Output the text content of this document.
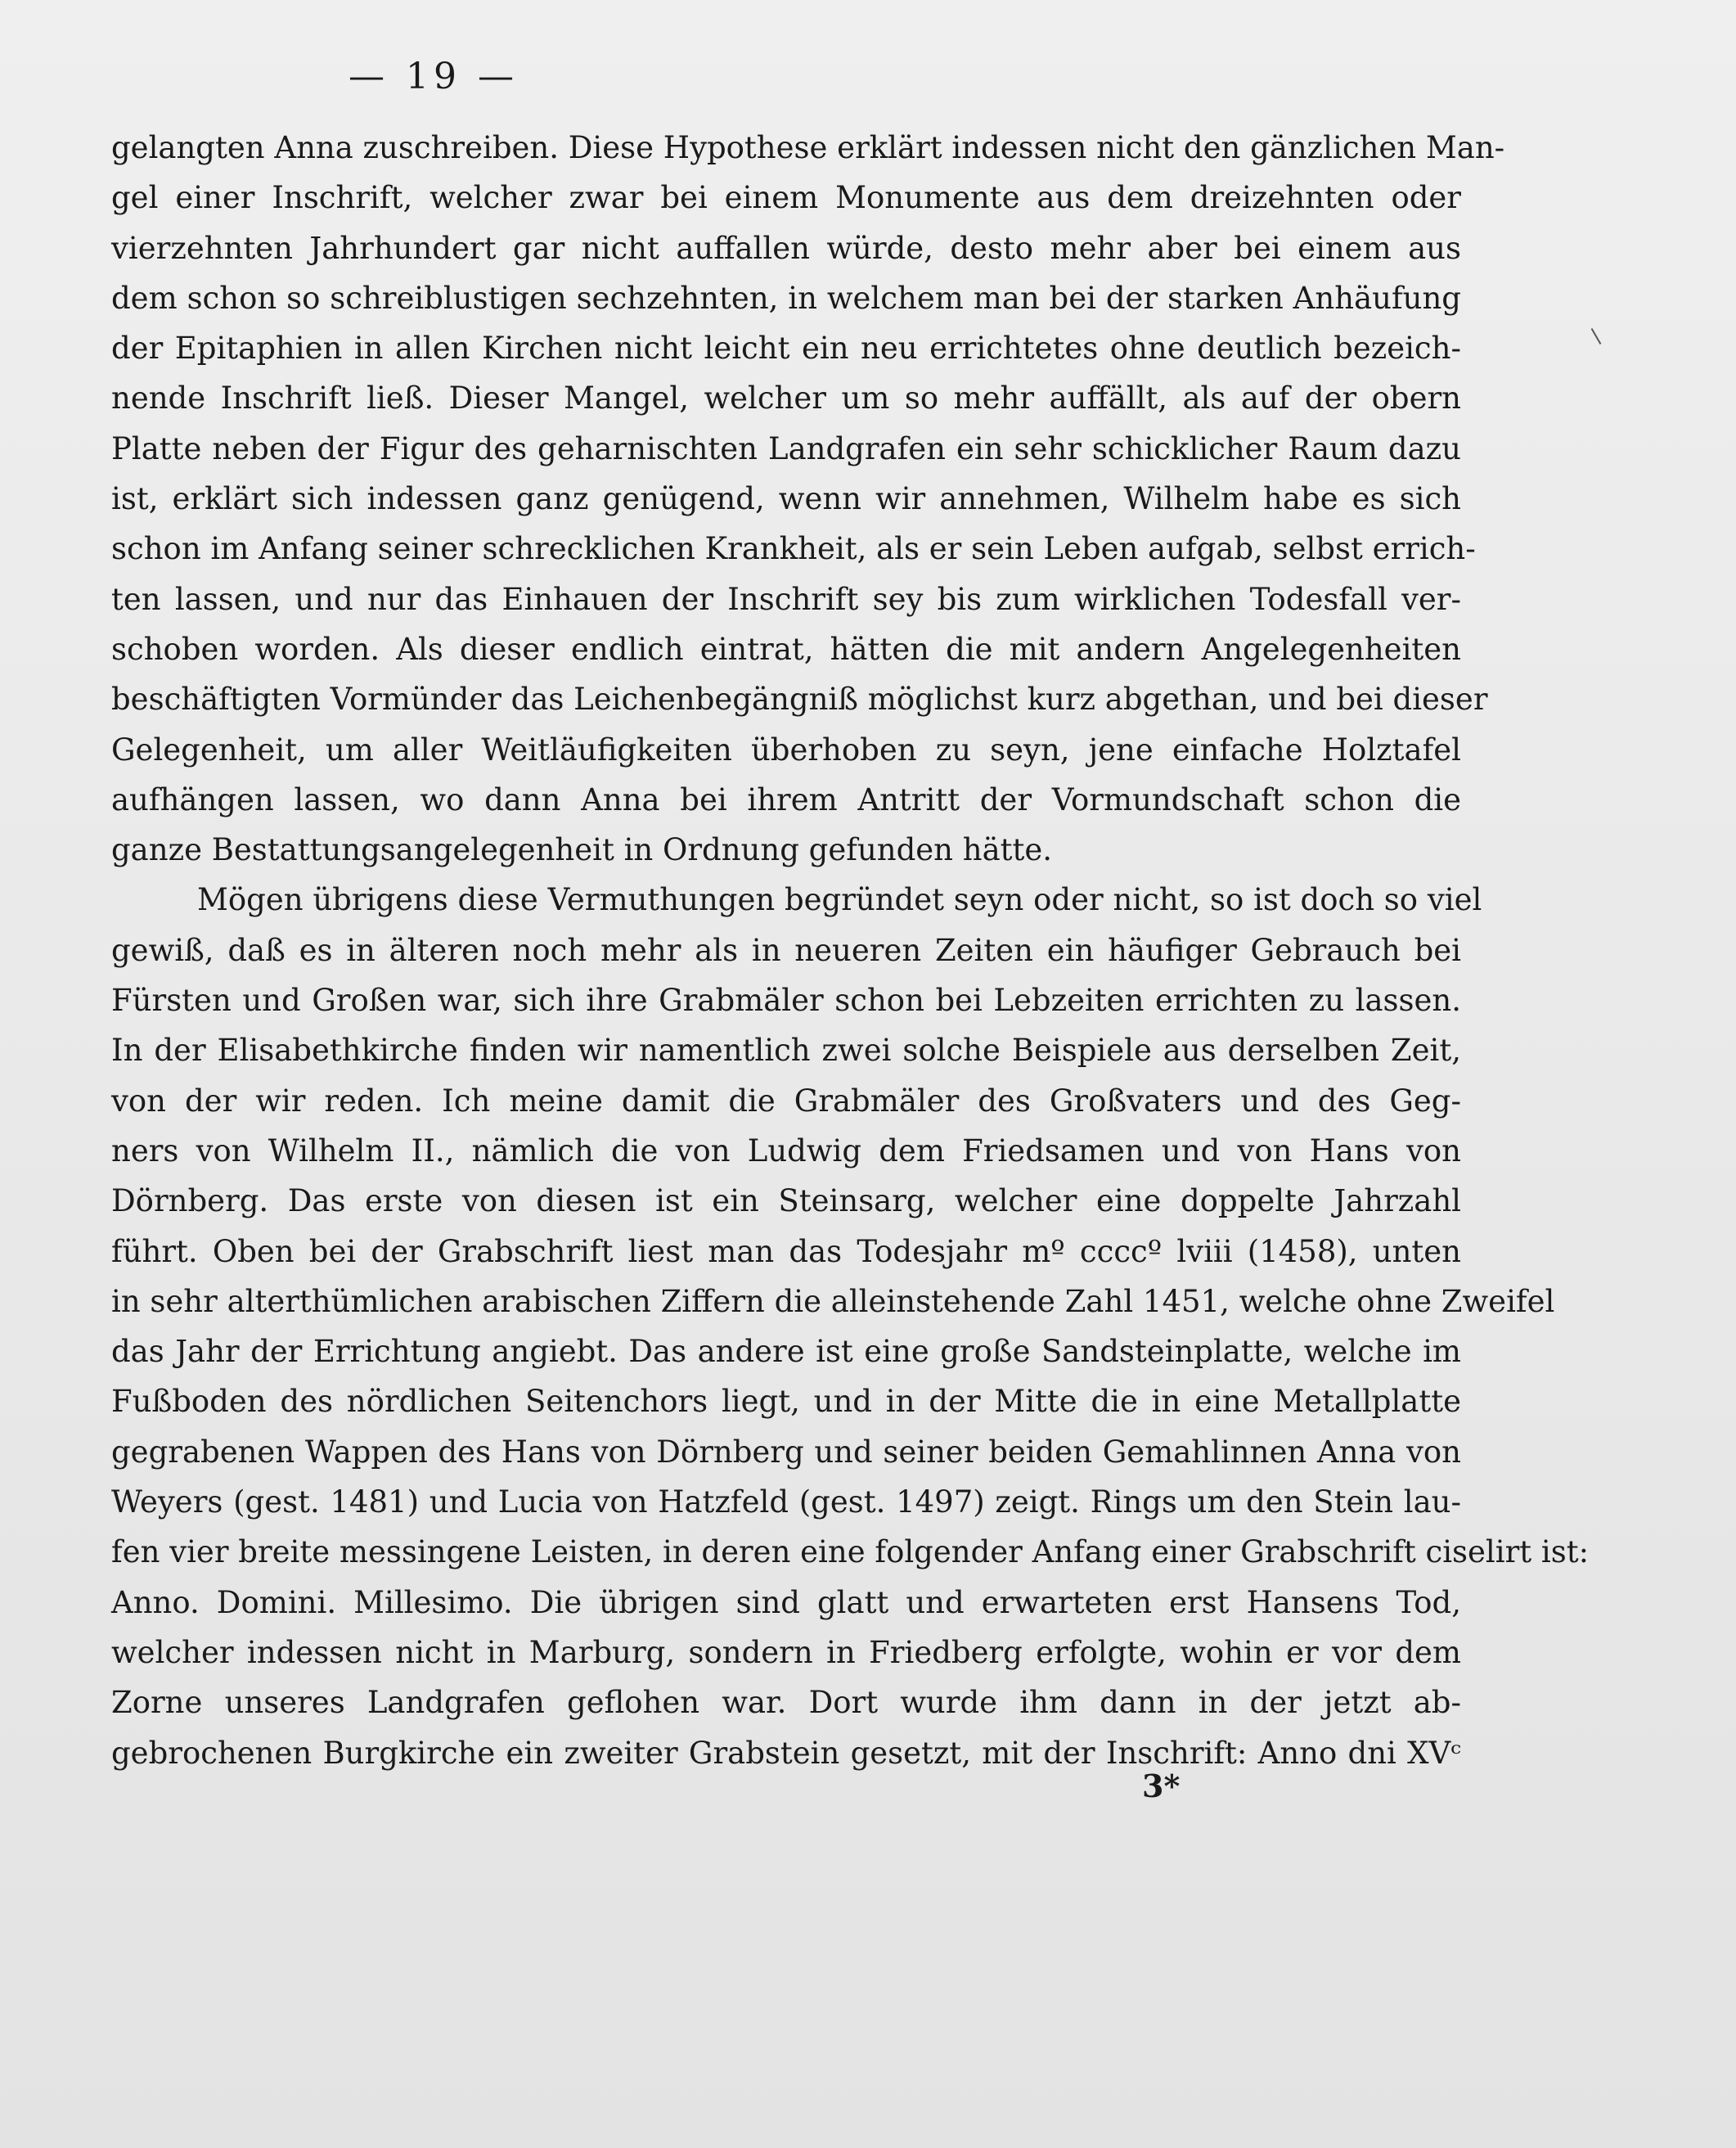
— 19 —
gelangten Anna zuschreiben. Diese Hypothese erklärt indessen nicht den gänzlichen Man-
gel einer Inschrift, welcher zwar bei einem Monumente aus dem dreizehnten oder
vierzehnten Jahrhundert gar nicht auffallen würde, desto mehr aber bei einem aus
dem schon so schreiblustigen sechzehnten, in welchem man bei der starken Anhäufung
der Epitaphien in allen Kirchen nicht leicht ein neu errichtetes ohne deutlich bezeich-
nende Inschrift ließ. Dieser Mangel, welcher um so mehr auffällt, als auf der obern
Platte neben der Figur des geharnischten Landgrafen ein sehr schicklicher Raum dazu
ist, erklärt sich indessen ganz genügend, wenn wir annehmen, Wilhelm habe es sich
schon im Anfang seiner schrecklichen Krankheit, als er sein Leben aufgab, selbst errich-
ten lassen, und nur das Einhauen der Inschrift sey bis zum wirklichen Todesfall ver-
schoben worden. Als dieser endlich eintrat, hätten die mit andern Angelegenheiten
beschäftigten Vormünder das Leichenbegängniß möglichst kurz abgethan, und bei dieser
Gelegenheit, um aller Weitläufigkeiten überhoben zu seyn, jene einfache Holztafel
aufhängen lassen, wo dann Anna bei ihrem Antritt der Vormundschaft schon die
ganze Bestattungsangelegenheit in Ordnung gefunden hätte.
Mögen übrigens diese Vermuthungen begründet seyn oder nicht, so ist doch so viel
gewiß, daß es in älteren noch mehr als in neueren Zeiten ein häufiger Gebrauch bei
Fürsten und Großen war, sich ihre Grabmäler schon bei Lebzeiten errichten zu lassen.
In der Elisabethkirche finden wir namentlich zwei solche Beispiele aus derselben Zeit,
von der wir reden. Ich meine damit die Grabmäler des Großvaters und des Geg-
ners von Wilhelm II., nämlich die von Ludwig dem Friedsamen und von Hans von
Dörnberg. Das erste von diesen ist ein Steinsarg, welcher eine doppelte Jahrzahl
führt. Oben bei der Grabschrift liest man das Todesjahr mº ccccº lviii (1458), unten
in sehr alterthümlichen arabischen Ziffern die alleinstehende Zahl 1451, welche ohne Zweifel
das Jahr der Errichtung angiebt. Das andere ist eine große Sandsteinplatte, welche im
Fußboden des nördlichen Seitenchors liegt, und in der Mitte die in eine Metallplatte
gegrabenen Wappen des Hans von Dörnberg und seiner beiden Gemahlinnen Anna von
Weyers (gest. 1481) und Lucia von Hatzfeld (gest. 1497) zeigt. Rings um den Stein lau-
fen vier breite messingene Leisten, in deren eine folgender Anfang einer Grabschrift ciselirt ist:
Anno. Domini. Millesimo. Die übrigen sind glatt und erwarteten erst Hansens Tod,
welcher indessen nicht in Marburg, sondern in Friedberg erfolgte, wohin er vor dem
Zorne unseres Landgrafen geflohen war. Dort wurde ihm dann in der jetzt ab-
gebrochenen Burgkirche ein zweiter Grabstein gesetzt, mit der Inschrift: Anno dni XVᶜ
3*
